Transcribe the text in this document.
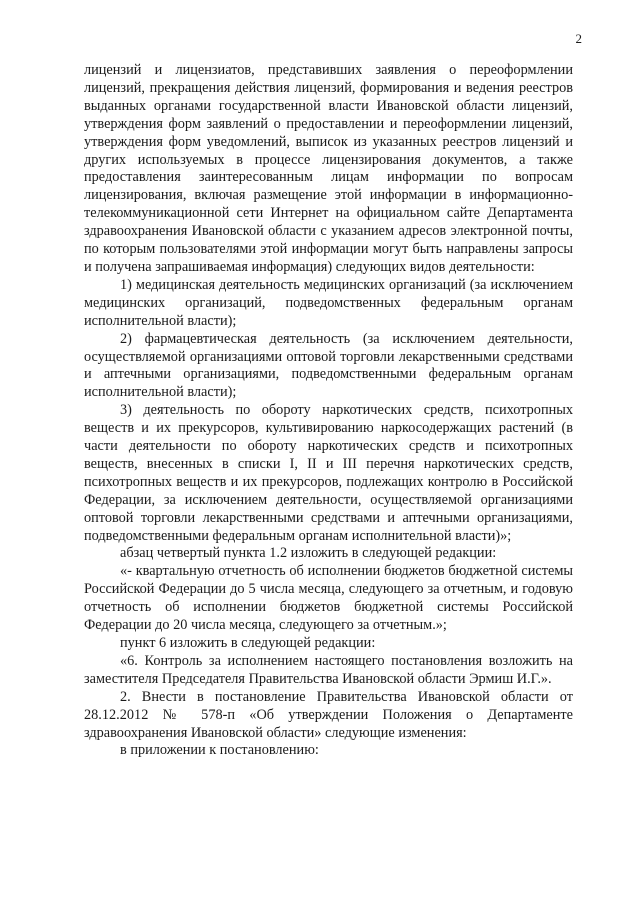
2

лицензий и лицензиатов, представивших заявления о переоформлении лицензий, прекращения действия лицензий, формирования и ведения реестров выданных органами государственной власти Ивановской области лицензий, утверждения форм заявлений о предоставлении и переоформлении лицензий, утверждения форм уведомлений, выписок из указанных реестров лицензий и других используемых в процессе лицензирования документов, а также предоставления заинтересованным лицам информации по вопросам лицензирования, включая размещение этой информации в информационно-телекоммуникационной сети Интернет на официальном сайте Департамента здравоохранения Ивановской области с указанием адресов электронной почты, по которым пользователями этой информации могут быть направлены запросы и получена запрашиваемая информация) следующих видов деятельности:

1) медицинская деятельность медицинских организаций (за исключением медицинских организаций, подведомственных федеральным органам исполнительной власти);

2) фармацевтическая деятельность (за исключением деятельности, осуществляемой организациями оптовой торговли лекарственными средствами и аптечными организациями, подведомственными федеральным органам исполнительной власти);

3) деятельность по обороту наркотических средств, психотропных веществ и их прекурсоров, культивированию наркосодержащих растений (в части деятельности по обороту наркотических средств и психотропных веществ, внесенных в списки I, II и III перечня наркотических средств, психотропных веществ и их прекурсоров, подлежащих контролю в Российской Федерации, за исключением деятельности, осуществляемой организациями оптовой торговли лекарственными средствами и аптечными организациями, подведомственными федеральным органам исполнительной власти)»;

абзац четвертый пункта 1.2 изложить в следующей редакции:

«- квартальную отчетность об исполнении бюджетов бюджетной системы Российской Федерации до 5 числа месяца, следующего за отчетным, и годовую отчетность об исполнении бюджетов бюджетной системы Российской Федерации до 20 числа месяца, следующего за отчетным.»;

пункт 6 изложить в следующей редакции:

«6. Контроль за исполнением настоящего постановления возложить на заместителя Председателя Правительства Ивановской области Эрмиш И.Г.».

2. Внести в постановление Правительства Ивановской области от 28.12.2012 № 578-п «Об утверждении Положения о Департаменте здравоохранения Ивановской области» следующие изменения:

в приложении к постановлению:
